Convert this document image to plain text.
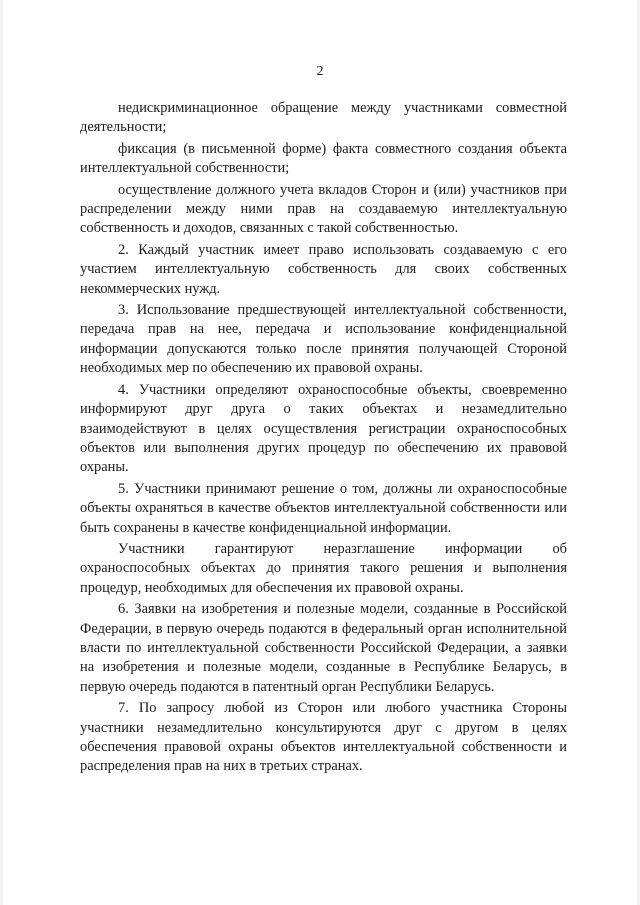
2

недискриминационное обращение между участниками совместной деятельности;

фиксация (в письменной форме) факта совместного создания объекта интеллектуальной собственности;

осуществление должного учета вкладов Сторон и (или) участников при распределении между ними прав на создаваемую интеллектуальную собственность и доходов, связанных с такой собственностью.

2. Каждый участник имеет право использовать создаваемую с его участием интеллектуальную собственность для своих собственных некоммерческих нужд.

3. Использование предшествующей интеллектуальной собственности, передача прав на нее, передача и использование конфиденциальной информации допускаются только после принятия получающей Стороной необходимых мер по обеспечению их правовой охраны.

4. Участники определяют охраноспособные объекты, своевременно информируют друг друга о таких объектах и незамедлительно взаимодействуют в целях осуществления регистрации охраноспособных объектов или выполнения других процедур по обеспечению их правовой охраны.

5. Участники принимают решение о том, должны ли охраноспособные объекты охраняться в качестве объектов интеллектуальной собственности или быть сохранены в качестве конфиденциальной информации.

Участники гарантируют неразглашение информации об охраноспособных объектах до принятия такого решения и выполнения процедур, необходимых для обеспечения их правовой охраны.

6. Заявки на изобретения и полезные модели, созданные в Российской Федерации, в первую очередь подаются в федеральный орган исполнительной власти по интеллектуальной собственности Российской Федерации, а заявки на изобретения и полезные модели, созданные в Республике Беларусь, в первую очередь подаются в патентный орган Республики Беларусь.

7. По запросу любой из Сторон или любого участника Стороны участники незамедлительно консультируются друг с другом в целях обеспечения правовой охраны объектов интеллектуальной собственности и распределения прав на них в третьих странах.
